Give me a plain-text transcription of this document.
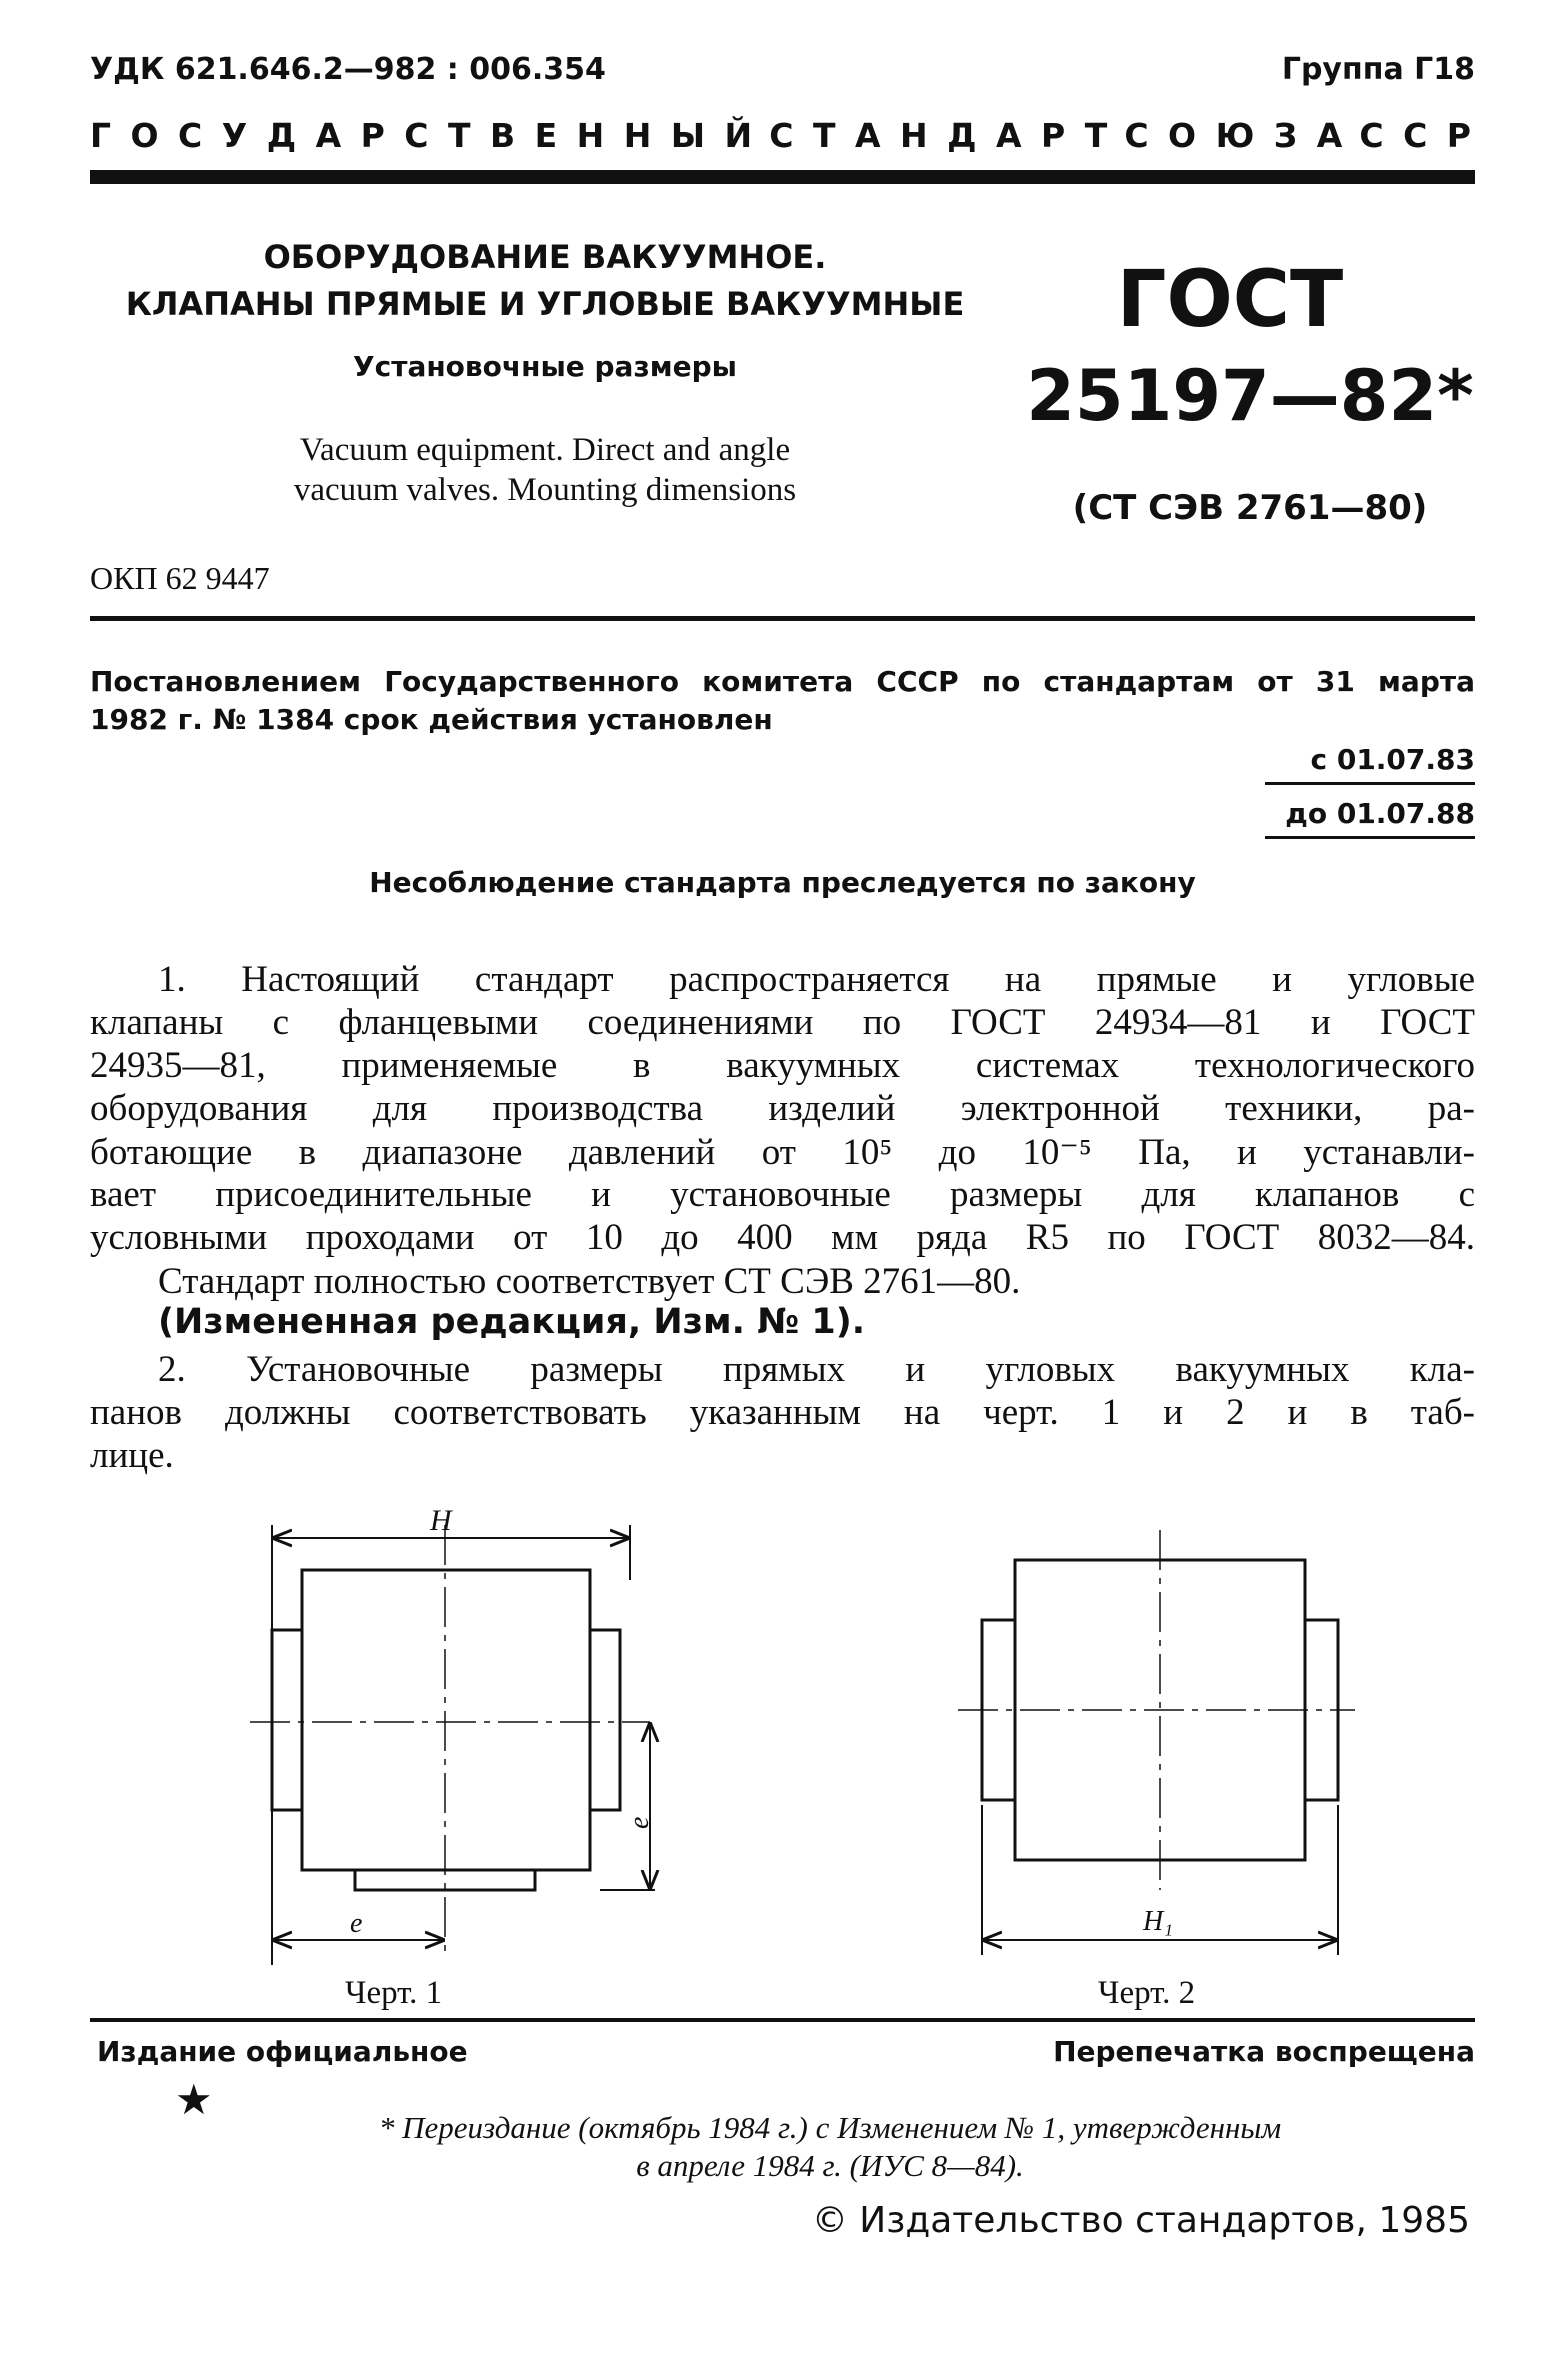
УДК 621.646.2—982 : 006.354	Группа Г18
Г О С У Д А Р С Т В Е Н Н Ы Й С Т А Н Д А Р Т С О Ю З А С С Р
ОБОРУДОВАНИЕ ВАКУУМНОЕ.
КЛАПАНЫ ПРЯМЫЕ И УГЛОВЫЕ ВАКУУМНЫЕ
Установочные размеры
Vacuum equipment. Direct and angle
vacuum valves. Mounting dimensions
ГОСТ
25197—82*
(СТ СЭВ 2761—80)
ОКП 62 9447
Постановлением Государственного комитета СССР по стандартам от 31 марта
1982 г. № 1384 срок действия установлен
с 01.07.83
до 01.07.88
Несоблюдение стандарта преследуется по закону
1. Настоящий стандарт распространяется на прямые и угловые
клапаны с фланцевыми соединениями по ГОСТ 24934—81 и ГОСТ
24935—81, применяемые в вакуумных системах технологического
оборудования для производства изделий электронной техники, ра-
ботающие в диапазоне давлений от 10⁵ до 10⁻⁵ Па, и устанавли-
вает присоединительные и установочные размеры для клапанов с
условными проходами от 10 до 400 мм ряда R5 по ГОСТ 8032—84.
Стандарт полностью соответствует СТ СЭВ 2761—80.
(Измененная редакция, Изм. № 1).
2. Установочные размеры прямых и угловых вакуумных кла-
панов должны соответствовать указанным на черт. 1 и 2 и в таб-
лице.
H
e
e
Черт. 1
H₁
Черт. 2
Издание официальное	Перепечатка воспрещена
★
* Переиздание (октябрь 1984 г.) с Изменением № 1, утвержденным
в апреле 1984 г. (ИУС 8—84).
© Издательство стандартов, 1985
